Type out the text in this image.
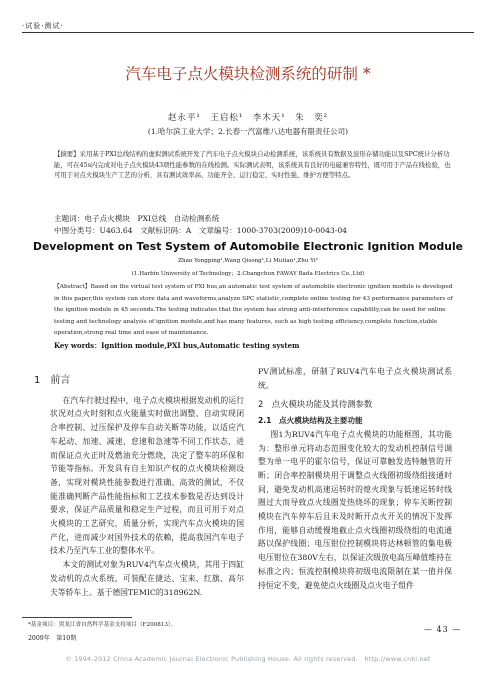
·试验·测试·
汽车电子点火模块检测系统的研制 *
赵永平¹　王启松¹　李木天¹　朱　奕²
(1.哈尔滨工业大学；2.长春一汽富维八达电器有限责任公司)
【摘要】采用基于PXI总线结构的虚拟测试系统开发了汽车电子点火模块自动检测系统，该系统具有数据及波形存储功能以及SPC统计分析功能，可在45s内完成对电子点火模块43项性能参数的在线检测。实际测试表明，该系统具有良好的电磁兼容特性，既可用于产品在线检验，也可用于对点火模块生产工艺的分析，具有测试效率高、功能齐全、运行稳定、实时性强、维护方便等特点。
主题词：电子点火模块　PXI总线　自动检测系统
中图分类号：U463.64　文献标识码：A　文章编号：1000-3703(2009)10-0043-04
Development on Test System of Automobile Electronic Ignition Module
Zhao Yongping¹,Wang Qisong¹,Li Mutian¹,Zhu Yi²
(1.Harbin University of Technology；2.Changchun FAWAY Bada Electrics Co.,Ltd)
【Abstract】Based on the virtual test system of PXI bus,an automatic test system of automobile electronic ignition module is developed in this paper,this system can store data and waveforms,analyze SPC statistic,complete online testing for 43 performance parameters of the ignition module in 45 seconds.The testing indicates that the system has strong anti-interference capability,can be used for online testing and technology analysis of ignition module,and has many features, such as high testing efficiency,complete function,stable operation,strong real time and ease of maintenance.
Key words：Ignition module,PXI bus,Automatic testing system
1　前言

在汽车行驶过程中，电子点火模块根据发动机的运行状况对点火时刻和点火能量实时做出调整，自动实现闭合率控制、过压保护及停车自动关断等功能，以适应汽车起动、加速、减速、怠速和急速等不同工作状态，进而保证点火正时及燃油充分燃烧，决定了整车的环保和节能等指标。开发具有自主知识产权的点火模块检测设备，实现对模块性能参数进行准确、高效的测试，不仅能准确判断产品性能指标和工艺技术参数是否达到设计要求，保证产品质量和稳定生产过程，而且可用于对点火模块的工艺研究，质量分析，实现汽车点火模块的国产化，进而减少对国外技术的依赖，提高我国汽车电子技术乃至汽车工业的整体水平。

本文的测试对象为RUV4汽车点火模块，其用于四缸发动机的点火系统，可装配在捷达、宝来、红旗、高尔夫等轿车上。基于德国TEMIC的318962N.

PV测试标准，研制了RUV4汽车电子点火模块测试系统。
2　点火模块功能及其待测参数
2.1　点火模块结构及主要功能

图1为RUV4汽车电子点火模块的功能框图，其功能为：整形单元将动态范围变化较大的发动机控制信号调整为单一电平的霍尔信号，保证可靠触发选特触管的开断；闭合率控制模块用于调整点火线圈初级绕组接通时间，避免发动机高速运转时的熄火现象与低速运转时线圈过大而导致点火线圈发热烧坏的现象；停车关断控制模块在汽车停车后且未及时断开点火开关的情况下发挥作用，能够自动缓慢地截止点火线圈初级绕组的电流通路以保护线圈；电压钳位控制模块将达林顿管的集电极电压钳位在380V左右，以保证次级放电高压峰值维持在标准之内；恒流控制模块将初级电流限制在某一值并保持恒定不变，避免使点火线圈及点火电子组件

*基金项目：黑龙江省自然科学基金支持项目（F200813）。
2009年　第10期
— 43 —
© 1994-2012 China Academic Journal Electronic Publishing House. All rights reserved.　http://www.cnki.net
